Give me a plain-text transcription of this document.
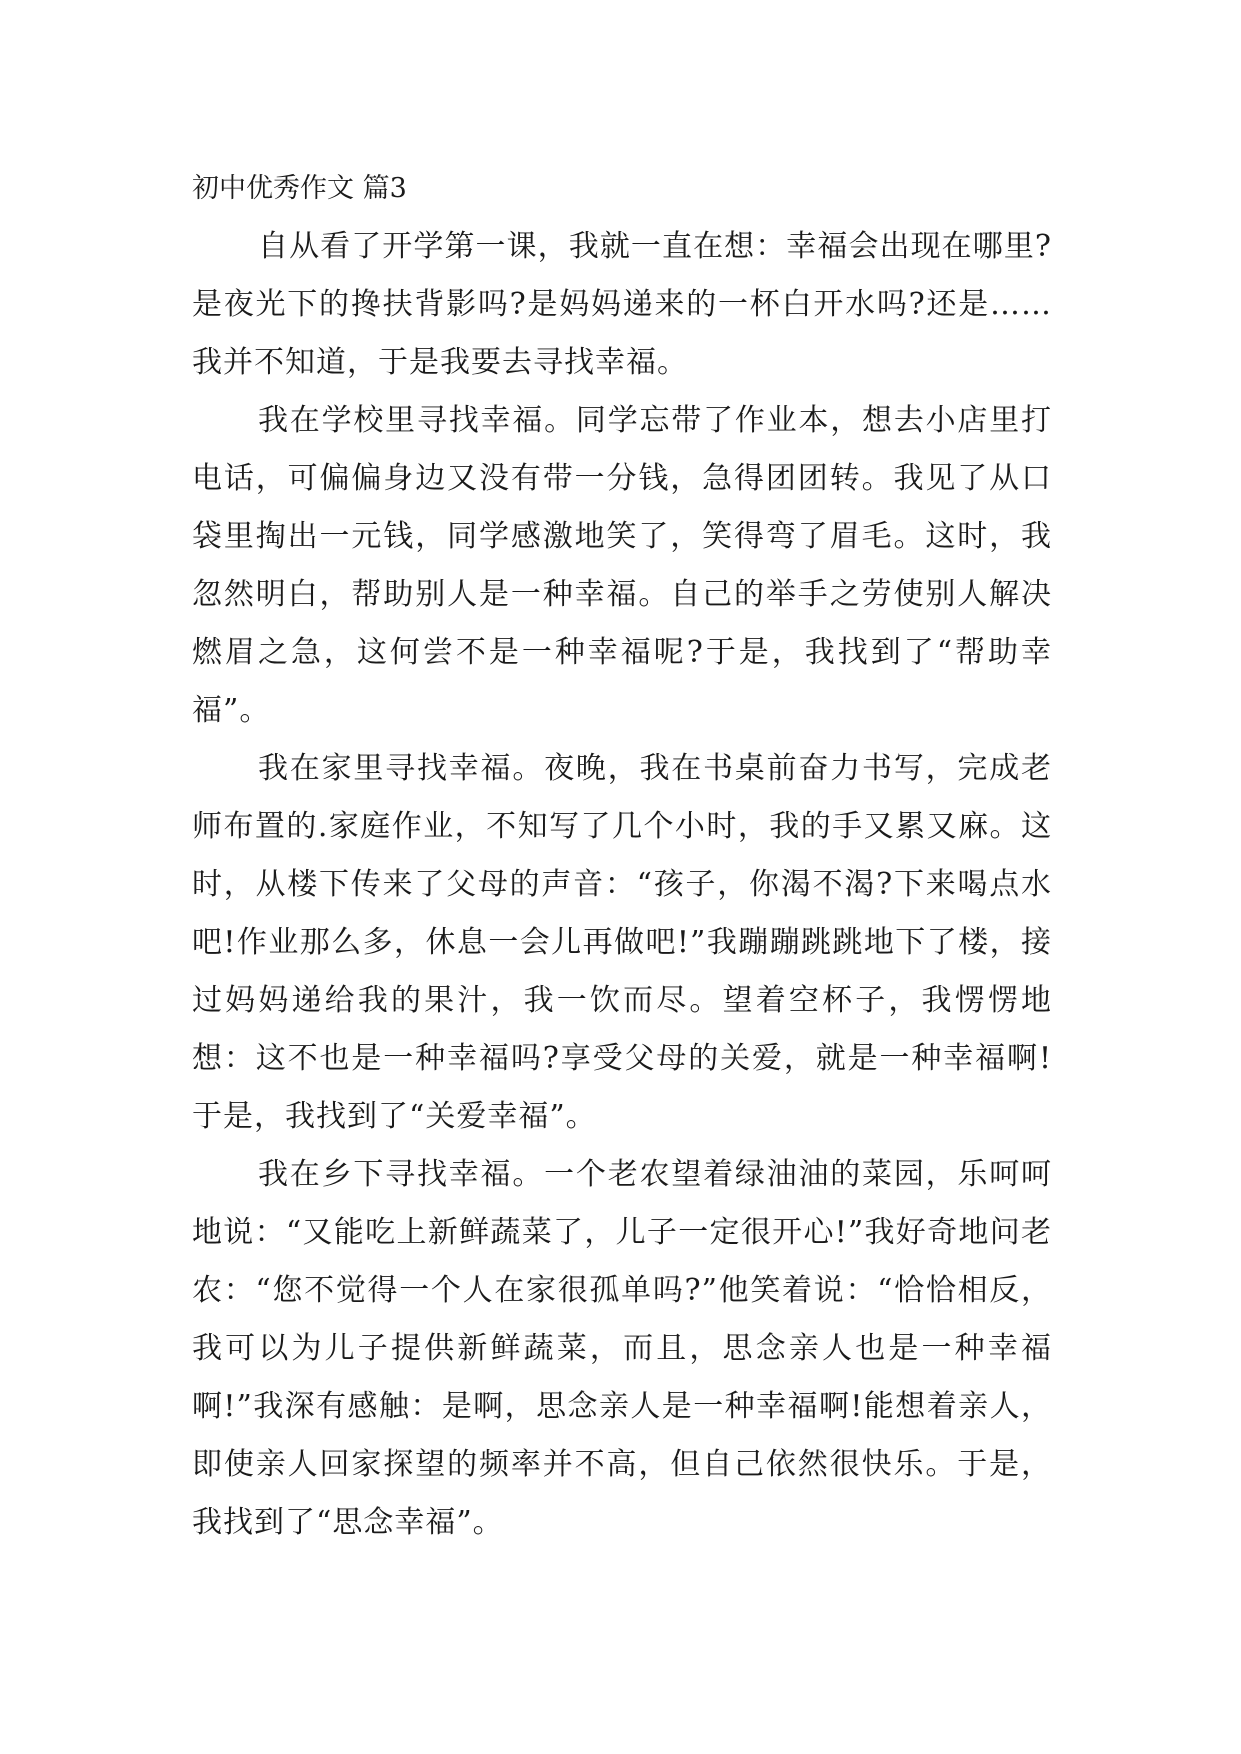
初中优秀作文 篇3

自从看了开学第一课，我就一直在想：幸福会出现在哪里?是夜光下的搀扶背影吗?是妈妈递来的一杯白开水吗?还是……我并不知道，于是我要去寻找幸福。

我在学校里寻找幸福。同学忘带了作业本，想去小店里打电话，可偏偏身边又没有带一分钱，急得团团转。我见了从口袋里掏出一元钱，同学感激地笑了，笑得弯了眉毛。这时，我忽然明白，帮助别人是一种幸福。自己的举手之劳使别人解决燃眉之急，这何尝不是一种幸福呢?于是，我找到了“帮助幸福”。

我在家里寻找幸福。夜晚，我在书桌前奋力书写，完成老师布置的.家庭作业，不知写了几个小时，我的手又累又麻。这时，从楼下传来了父母的声音：“孩子，你渴不渴?下来喝点水吧!作业那么多，休息一会儿再做吧!”我蹦蹦跳跳地下了楼，接过妈妈递给我的果汁，我一饮而尽。望着空杯子，我愣愣地想：这不也是一种幸福吗?享受父母的关爱，就是一种幸福啊!于是，我找到了“关爱幸福”。

我在乡下寻找幸福。一个老农望着绿油油的菜园，乐呵呵地说：“又能吃上新鲜蔬菜了，儿子一定很开心!”我好奇地问老农：“您不觉得一个人在家很孤单吗?”他笑着说：“恰恰相反，我可以为儿子提供新鲜蔬菜，而且，思念亲人也是一种幸福啊!”我深有感触：是啊，思念亲人是一种幸福啊!能想着亲人，即使亲人回家探望的频率并不高，但自己依然很快乐。于是，我找到了“思念幸福”。
